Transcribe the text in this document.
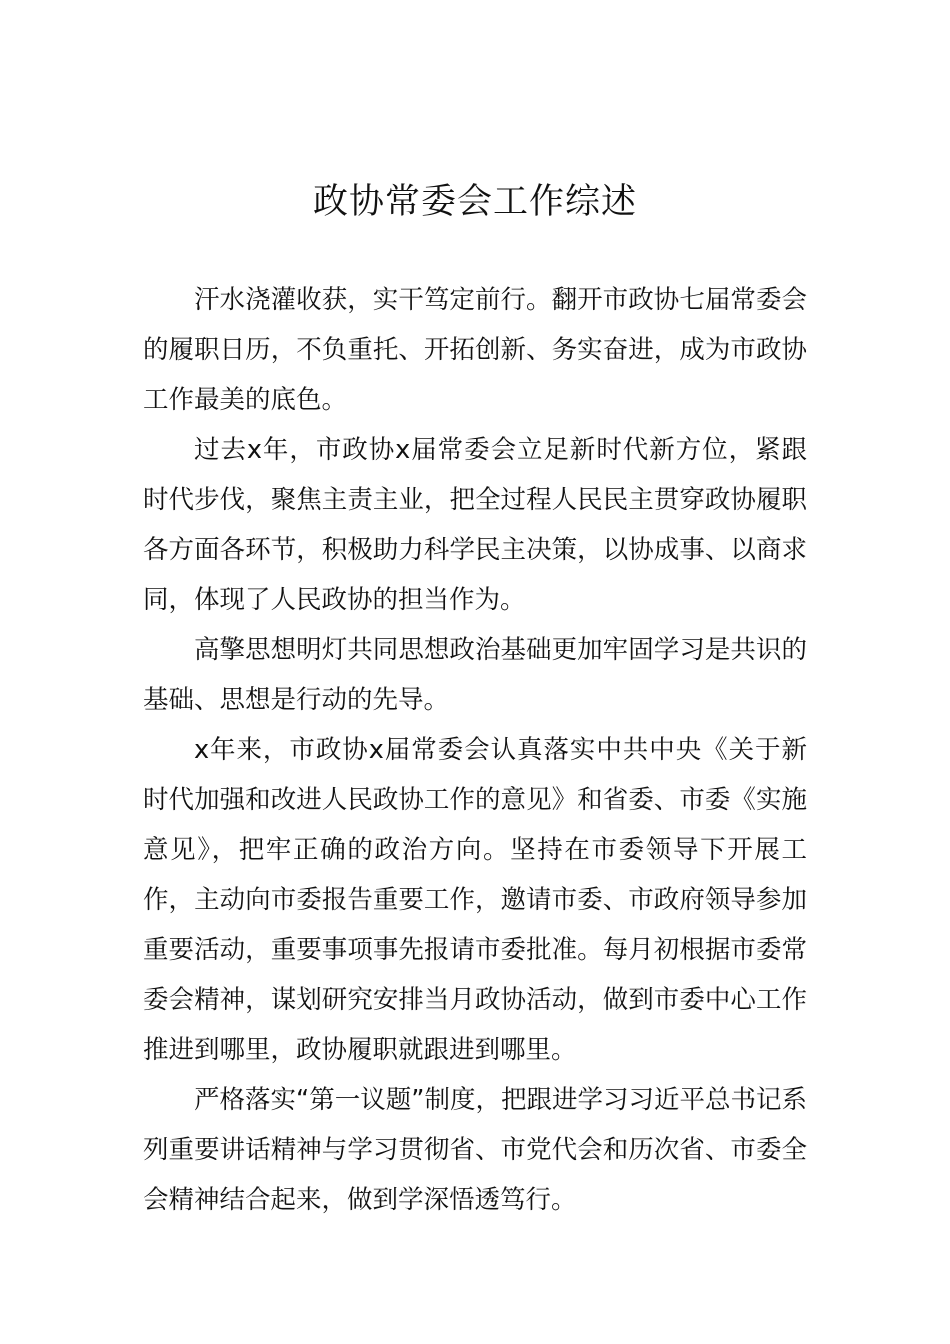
政协常委会工作综述

汗水浇灌收获，实干笃定前行。翻开市政协七届常委会的履职日历，不负重托、开拓创新、务实奋进，成为市政协工作最美的底色。

过去x年，市政协x届常委会立足新时代新方位，紧跟时代步伐，聚焦主责主业，把全过程人民民主贯穿政协履职各方面各环节，积极助力科学民主决策，以协成事、以商求同，体现了人民政协的担当作为。

高擎思想明灯共同思想政治基础更加牢固学习是共识的基础、思想是行动的先导。

x年来，市政协x届常委会认真落实中共中央《关于新时代加强和改进人民政协工作的意见》和省委、市委《实施意见》，把牢正确的政治方向。坚持在市委领导下开展工作，主动向市委报告重要工作，邀请市委、市政府领导参加重要活动，重要事项事先报请市委批准。每月初根据市委常委会精神，谋划研究安排当月政协活动，做到市委中心工作推进到哪里，政协履职就跟进到哪里。

严格落实“第一议题”制度，把跟进学习习近平总书记系列重要讲话精神与学习贯彻省、市党代会和历次省、市委全会精神结合起来，做到学深悟透笃行。
